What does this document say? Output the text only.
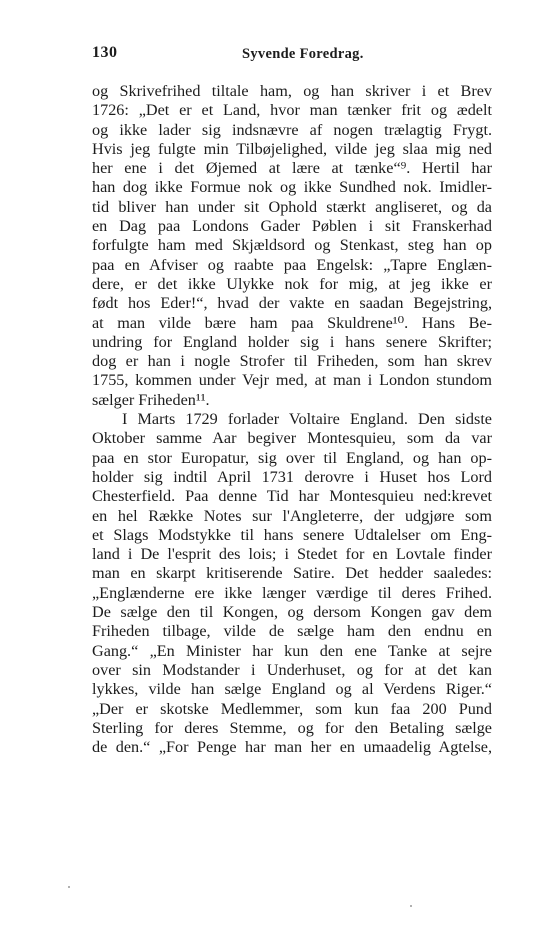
130	Syvende Foredrag.
og Skrivefrihed tiltale ham, og han skriver i et Brev
1726: „Det er et Land, hvor man tænker frit og ædelt
og ikke lader sig indsnævre af nogen trælagtig Frygt.
Hvis jeg fulgte min Tilbøjelighed, vilde jeg slaa mig ned
her ene i det Øjemed at lære at tænke“⁹. Hertil har
han dog ikke Formue nok og ikke Sundhed nok. Imidler-
tid bliver han under sit Ophold stærkt angliseret, og da
en Dag paa Londons Gader Pøblen i sit Franskerhad
forfulgte ham med Skjældsord og Stenkast, steg han op
paa en Afviser og raabte paa Engelsk: „Tapre Englæn-
dere, er det ikke Ulykke nok for mig, at jeg ikke er
født hos Eder!“, hvad der vakte en saadan Begejstring,
at man vilde bære ham paa Skuldrene¹⁰. Hans Be-
undring for England holder sig i hans senere Skrifter;
dog er han i nogle Strofer til Friheden, som han skrev
1755, kommen under Vejr med, at man i London stundom
sælger Friheden¹¹.
I Marts 1729 forlader Voltaire England. Den sidste
Oktober samme Aar begiver Montesquieu, som da var
paa en stor Europatur, sig over til England, og han op-
holder sig indtil April 1731 derovre i Huset hos Lord
Chesterfield. Paa denne Tid har Montesquieu ned:krevet
en hel Række Notes sur l'Angleterre, der udgjøre som
et Slags Modstykke til hans senere Udtalelser om Eng-
land i De l'esprit des lois; i Stedet for en Lovtale finder
man en skarpt kritiserende Satire. Det hedder saaledes:
„Englænderne ere ikke længer værdige til deres Frihed.
De sælge den til Kongen, og dersom Kongen gav dem
Friheden tilbage, vilde de sælge ham den endnu en
Gang.“ „En Minister har kun den ene Tanke at sejre
over sin Modstander i Underhuset, og for at det kan
lykkes, vilde han sælge England og al Verdens Riger.“
„Der er skotske Medlemmer, som kun faa 200 Pund
Sterling for deres Stemme, og for den Betaling sælge
de den.“ „For Penge har man her en umaadelig Agtelse,
